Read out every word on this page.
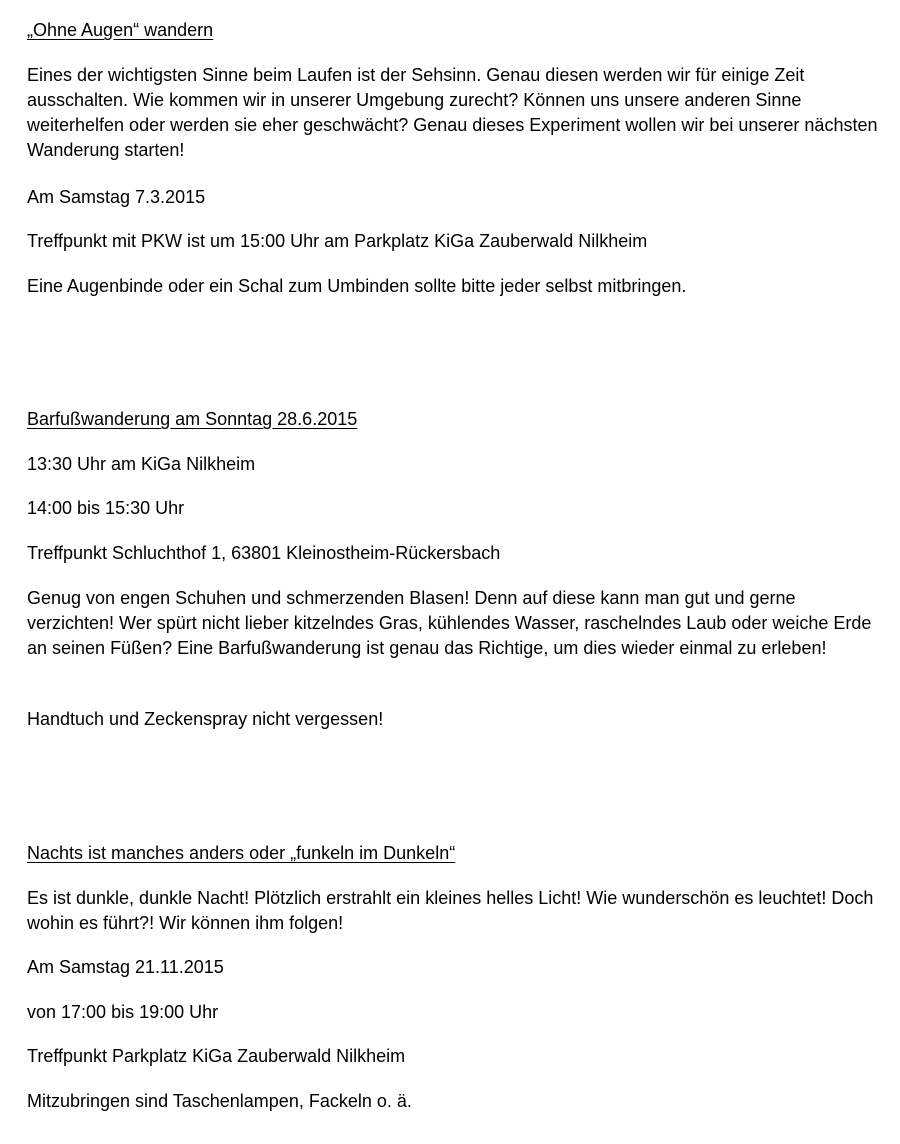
„Ohne Augen“ wandern

Eines der wichtigsten Sinne beim Laufen ist der Sehsinn. Genau diesen werden wir für einige Zeit ausschalten. Wie kommen wir in unserer Umgebung zurecht? Können uns unsere anderen Sinne weiterhelfen oder werden sie eher geschwächt? Genau dieses Experiment wollen wir bei unserer nächsten Wanderung starten!

Am Samstag 7.3.2015

Treffpunkt mit PKW ist um 15:00 Uhr am Parkplatz KiGa Zauberwald Nilkheim

Eine Augenbinde oder ein Schal zum Umbinden sollte bitte jeder selbst mitbringen.

Barfußwanderung am Sonntag 28.6.2015

13:30 Uhr am KiGa Nilkheim

14:00 bis 15:30 Uhr

Treffpunkt Schluchthof 1, 63801 Kleinostheim-Rückersbach

Genug von engen Schuhen und schmerzenden Blasen! Denn auf diese kann man gut und gerne verzichten! Wer spürt nicht lieber kitzelndes Gras, kühlendes Wasser, raschelndes Laub oder weiche Erde an seinen Füßen? Eine Barfußwanderung ist genau das Richtige, um dies wieder einmal zu erleben!

Handtuch und Zeckenspray nicht vergessen!

Nachts ist manches anders oder „funkeln im Dunkeln“

Es ist dunkle, dunkle Nacht! Plötzlich erstrahlt ein kleines helles Licht! Wie wunderschön es leuchtet! Doch wohin es führt?! Wir können ihm folgen!

Am Samstag 21.11.2015

von 17:00 bis 19:00 Uhr

Treffpunkt Parkplatz KiGa Zauberwald Nilkheim

Mitzubringen sind Taschenlampen, Fackeln o. ä.
